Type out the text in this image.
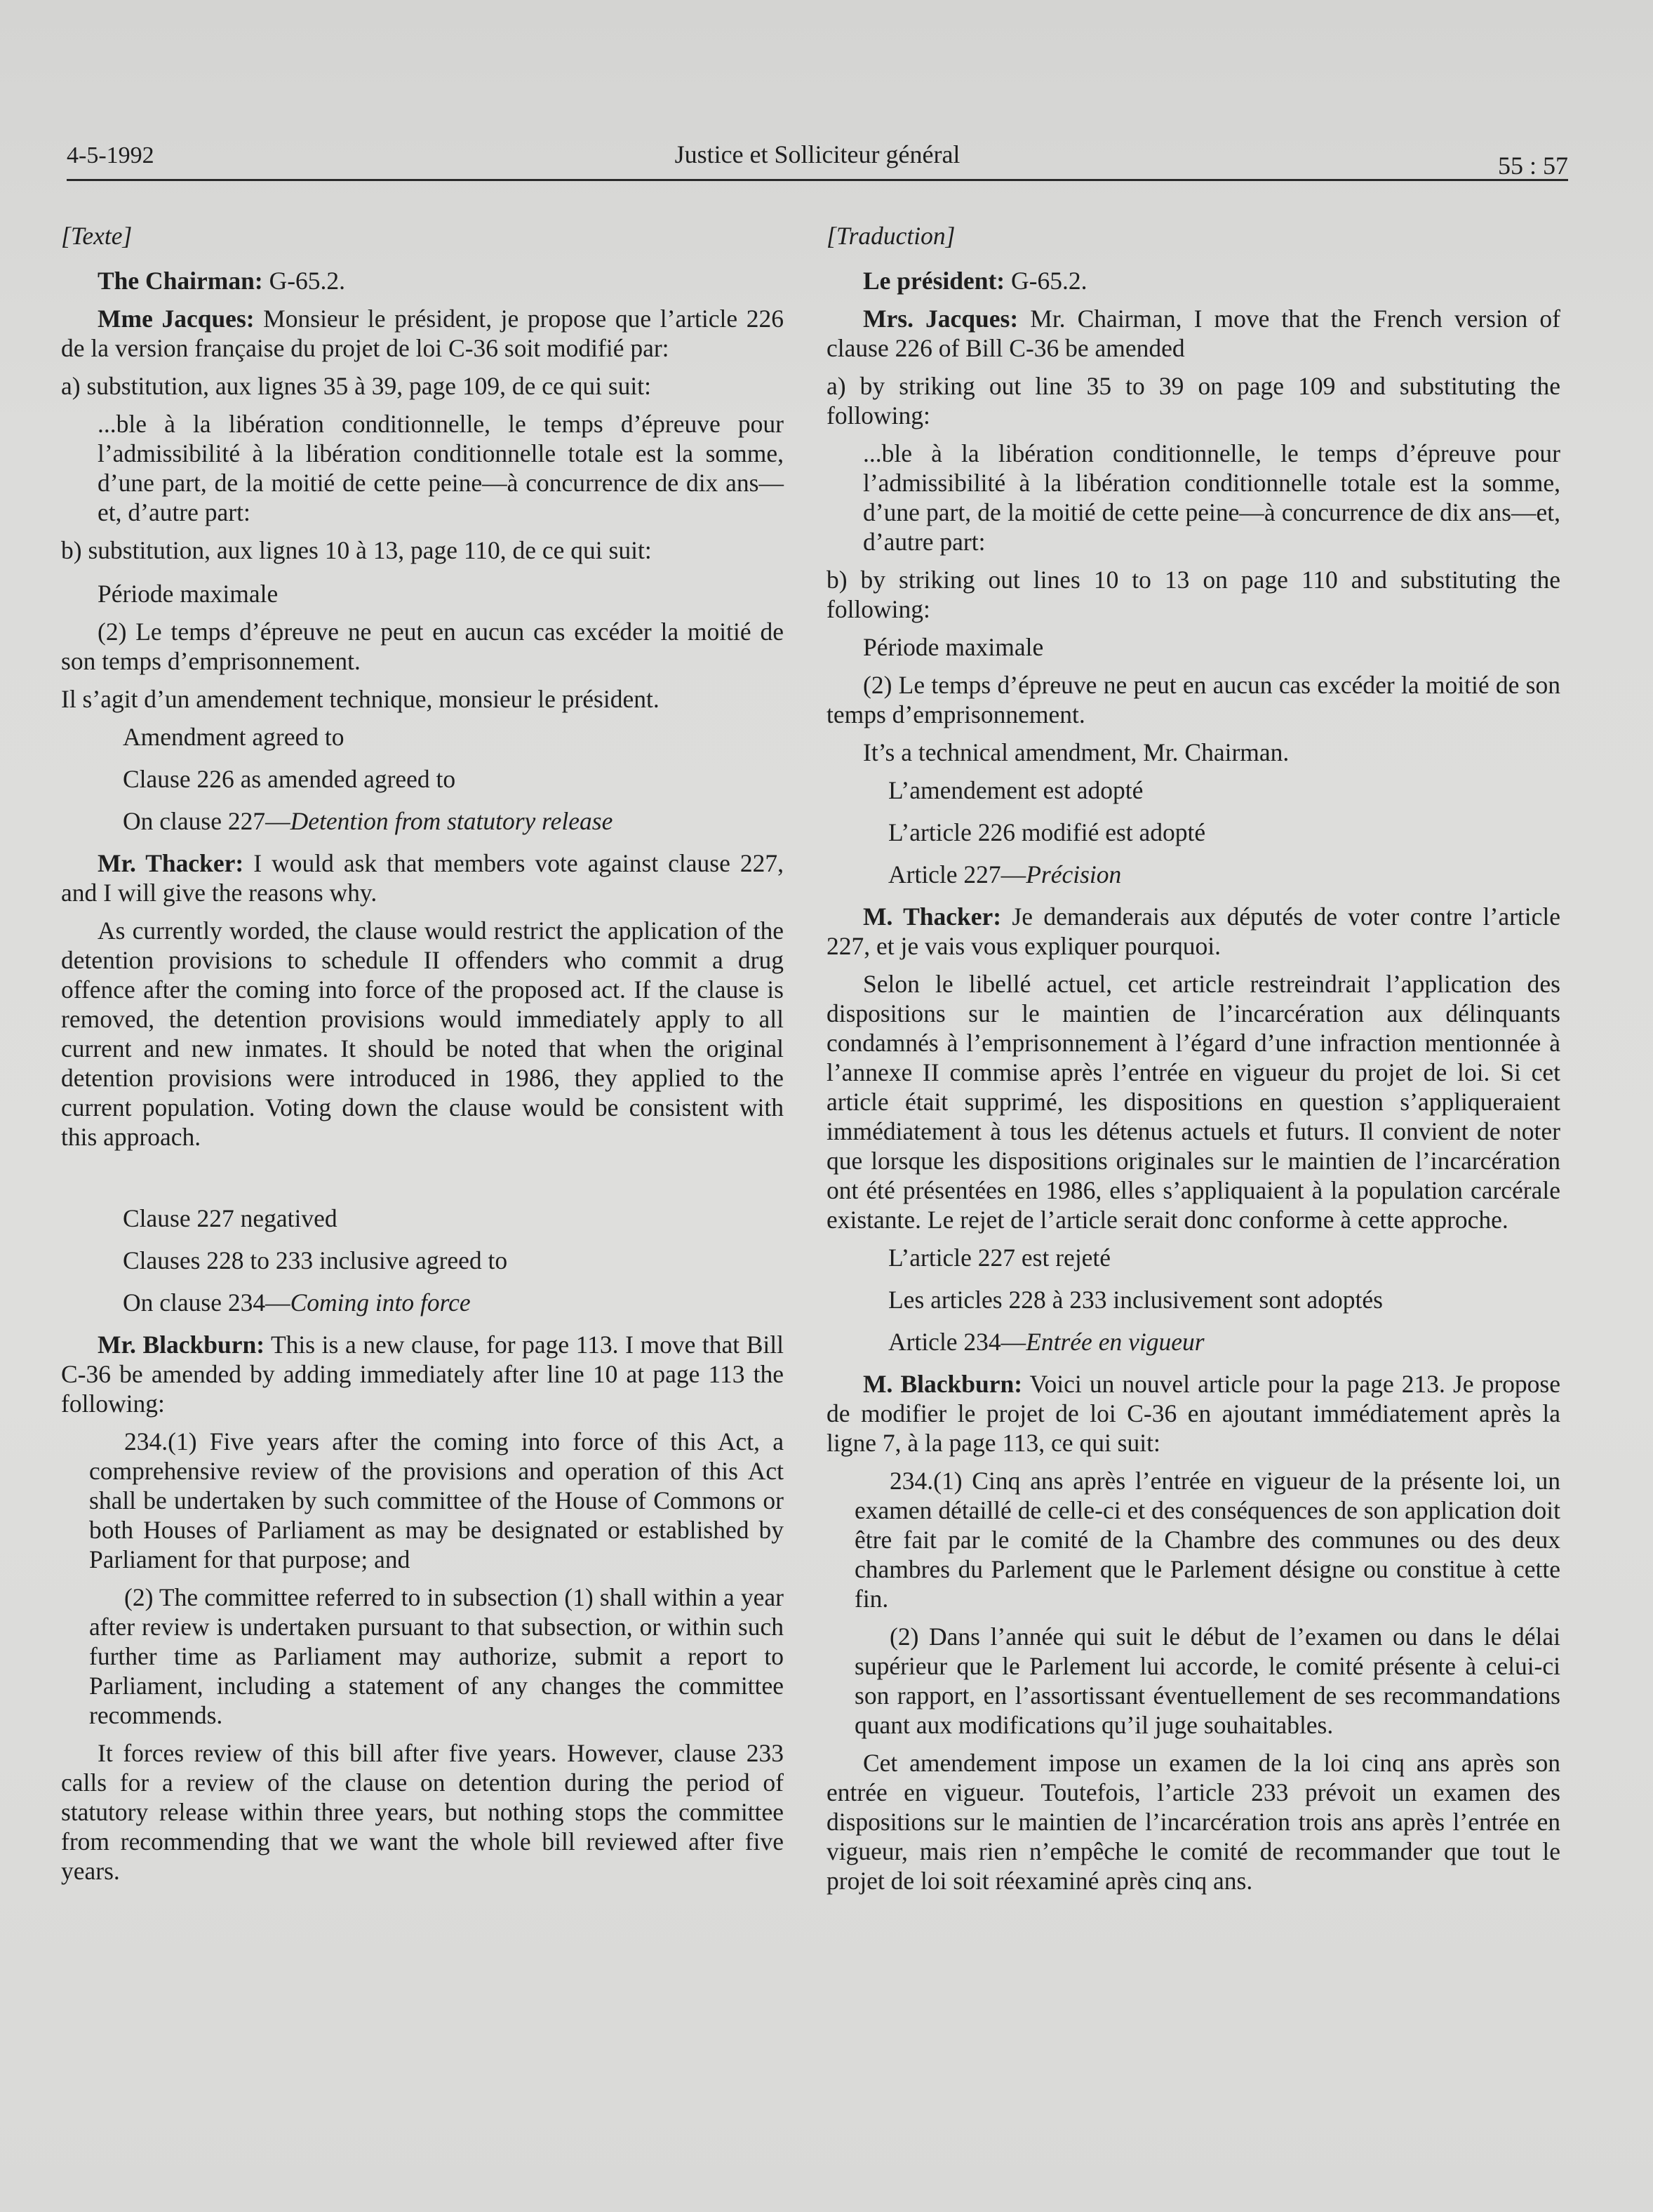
4-5-1992	Justice et Solliciteur général	55 : 57

[Texte]

The Chairman: G-65.2.

Mme Jacques: Monsieur le président, je propose que l’article 226 de la version française du projet de loi C-36 soit modifié par:

a) substitution, aux lignes 35 à 39, page 109, de ce qui suit:

...ble à la libération conditionnelle, le temps d’épreuve pour l’admissibilité à la libération conditionnelle totale est la somme, d’une part, de la moitié de cette peine—à concurrence de dix ans—et, d’autre part:

b) substitution, aux lignes 10 à 13, page 110, de ce qui suit:

Période maximale

(2) Le temps d’épreuve ne peut en aucun cas excéder la moitié de son temps d’emprisonnement.

Il s’agit d’un amendement technique, monsieur le président.

Amendment agreed to

Clause 226 as amended agreed to

On clause 227—Detention from statutory release

Mr. Thacker: I would ask that members vote against clause 227, and I will give the reasons why.

As currently worded, the clause would restrict the application of the detention provisions to schedule II offenders who commit a drug offence after the coming into force of the proposed act. If the clause is removed, the detention provisions would immediately apply to all current and new inmates. It should be noted that when the original detention provisions were introduced in 1986, they applied to the current population. Voting down the clause would be consistent with this approach.

Clause 227 negatived

Clauses 228 to 233 inclusive agreed to

On clause 234—Coming into force

Mr. Blackburn: This is a new clause, for page 113. I move that Bill C-36 be amended by adding immediately after line 10 at page 113 the following:

234.(1) Five years after the coming into force of this Act, a comprehensive review of the provisions and operation of this Act shall be undertaken by such committee of the House of Commons or both Houses of Parliament as may be designated or established by Parliament for that purpose; and

(2) The committee referred to in subsection (1) shall within a year after review is undertaken pursuant to that subsection, or within such further time as Parliament may authorize, submit a report to Parliament, including a statement of any changes the committee recommends.

It forces review of this bill after five years. However, clause 233 calls for a review of the clause on detention during the period of statutory release within three years, but nothing stops the committee from recommending that we want the whole bill reviewed after five years.

[Traduction]

Le président: G-65.2.

Mrs. Jacques: Mr. Chairman, I move that the French version of clause 226 of Bill C-36 be amended

a) by striking out line 35 to 39 on page 109 and substituting the following:

...ble à la libération conditionnelle, le temps d’épreuve pour l’admissibilité à la libération conditionnelle totale est la somme, d’une part, de la moitié de cette peine—à concurrence de dix ans—et, d’autre part:

b) by striking out lines 10 to 13 on page 110 and substituting the following:

Période maximale

(2) Le temps d’épreuve ne peut en aucun cas excéder la moitié de son temps d’emprisonnement.

It’s a technical amendment, Mr. Chairman.

L’amendement est adopté

L’article 226 modifié est adopté

Article 227—Précision

M. Thacker: Je demanderais aux députés de voter contre l’article 227, et je vais vous expliquer pourquoi.

Selon le libellé actuel, cet article restreindrait l’application des dispositions sur le maintien de l’incarcération aux délinquants condamnés à l’emprisonnement à l’égard d’une infraction mentionnée à l’annexe II commise après l’entrée en vigueur du projet de loi. Si cet article était supprimé, les dispositions en question s’appliqueraient immédiatement à tous les détenus actuels et futurs. Il convient de noter que lorsque les dispositions originales sur le maintien de l’incarcération ont été présentées en 1986, elles s’appliquaient à la population carcérale existante. Le rejet de l’article serait donc conforme à cette approche.

L’article 227 est rejeté

Les articles 228 à 233 inclusivement sont adoptés

Article 234—Entrée en vigueur

M. Blackburn: Voici un nouvel article pour la page 213. Je propose de modifier le projet de loi C-36 en ajoutant immédiatement après la ligne 7, à la page 113, ce qui suit:

234.(1) Cinq ans après l’entrée en vigueur de la présente loi, un examen détaillé de celle-ci et des conséquences de son application doit être fait par le comité de la Chambre des communes ou des deux chambres du Parlement que le Parlement désigne ou constitue à cette fin.

(2) Dans l’année qui suit le début de l’examen ou dans le délai supérieur que le Parlement lui accorde, le comité présente à celui-ci son rapport, en l’assortissant éventuellement de ses recommandations quant aux modifications qu’il juge souhaitables.

Cet amendement impose un examen de la loi cinq ans après son entrée en vigueur. Toutefois, l’article 233 prévoit un examen des dispositions sur le maintien de l’incarcération trois ans après l’entrée en vigueur, mais rien n’empêche le comité de recommander que tout le projet de loi soit réexaminé après cinq ans.
